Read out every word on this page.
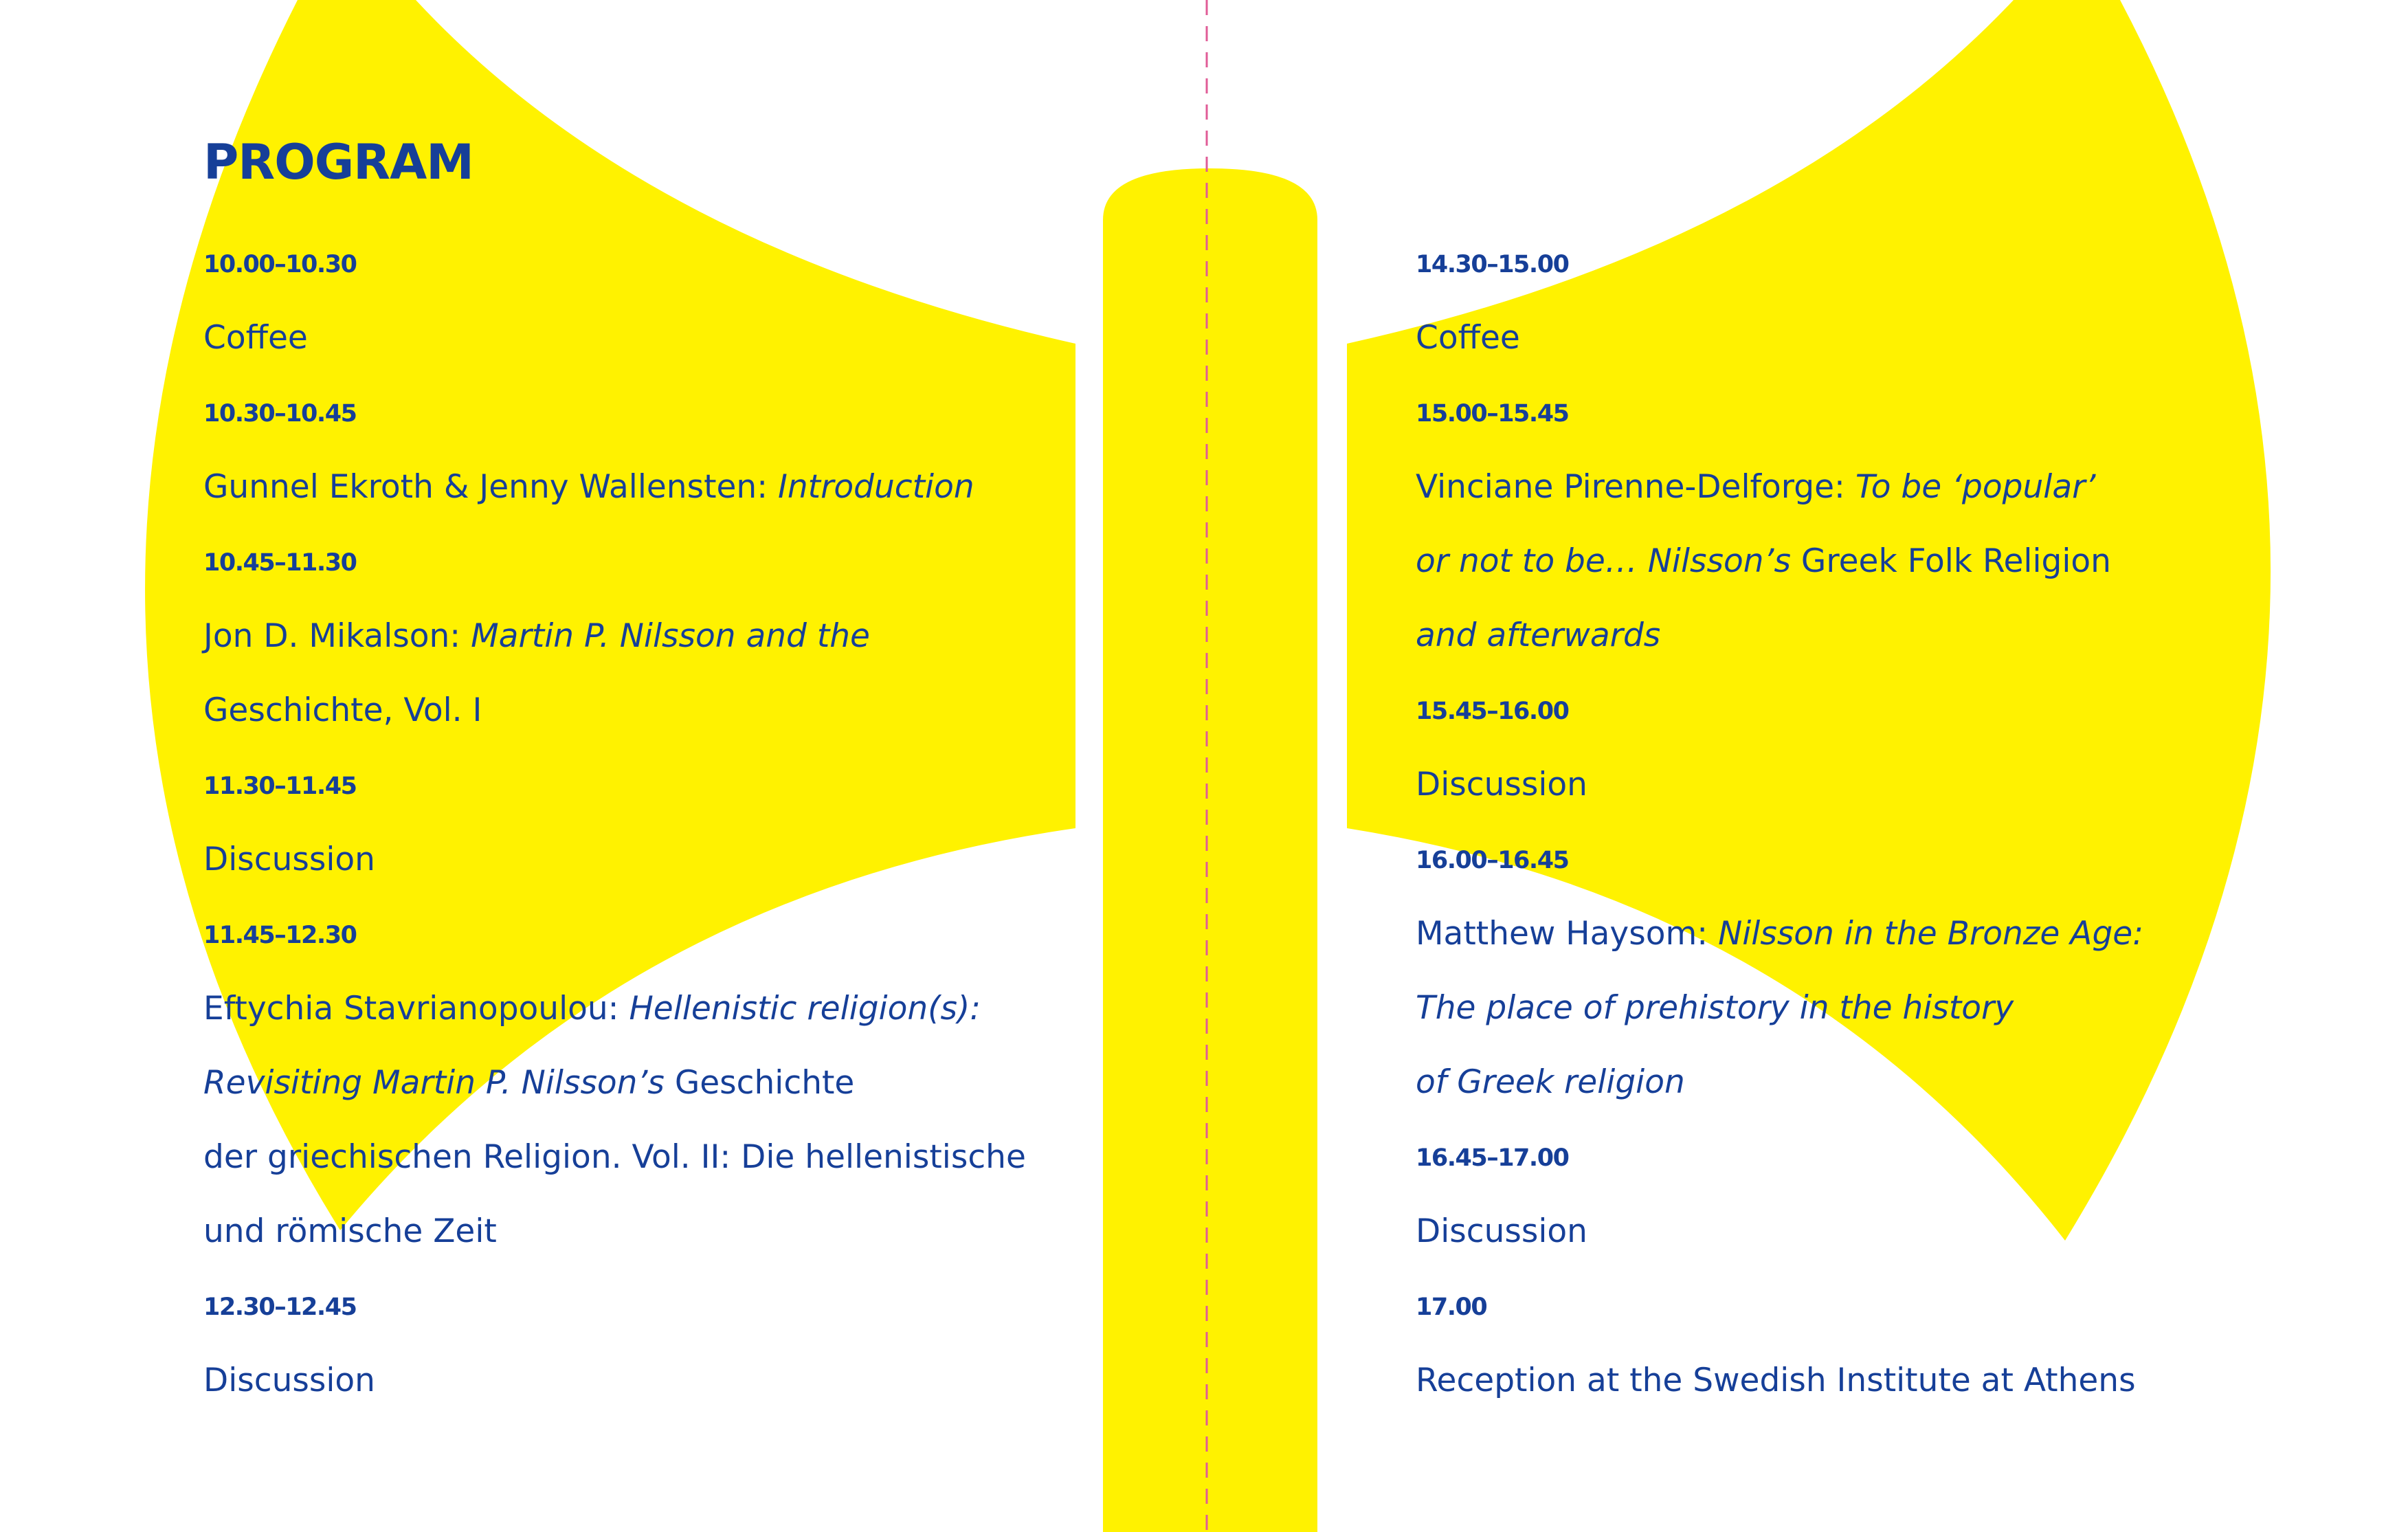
PROGRAM
10.00–10.30
Coffee
10.30–10.45
Gunnel Ekroth & Jenny Wallensten: Introduction
10.45–11.30
Jon D. Mikalson: Martin P. Nilsson and the
Geschichte, Vol. I
11.30–11.45
Discussion
11.45–12.30
Eftychia Stavrianopoulou: Hellenistic religion(s):
Revisiting Martin P. Nilsson’s Geschichte
der griechischen Religion. Vol. II: Die hellenistische
und römische Zeit
12.30–12.45
Discussion
14.30–15.00
Coffee
15.00–15.45
Vinciane Pirenne-Delforge: To be ‘popular’
or not to be… Nilsson’s Greek Folk Religion
and afterwards
15.45–16.00
Discussion
16.00–16.45
Matthew Haysom: Nilsson in the Bronze Age:
The place of prehistory in the history
of Greek religion
16.45–17.00
Discussion
17.00
Reception at the Swedish Institute at Athens
